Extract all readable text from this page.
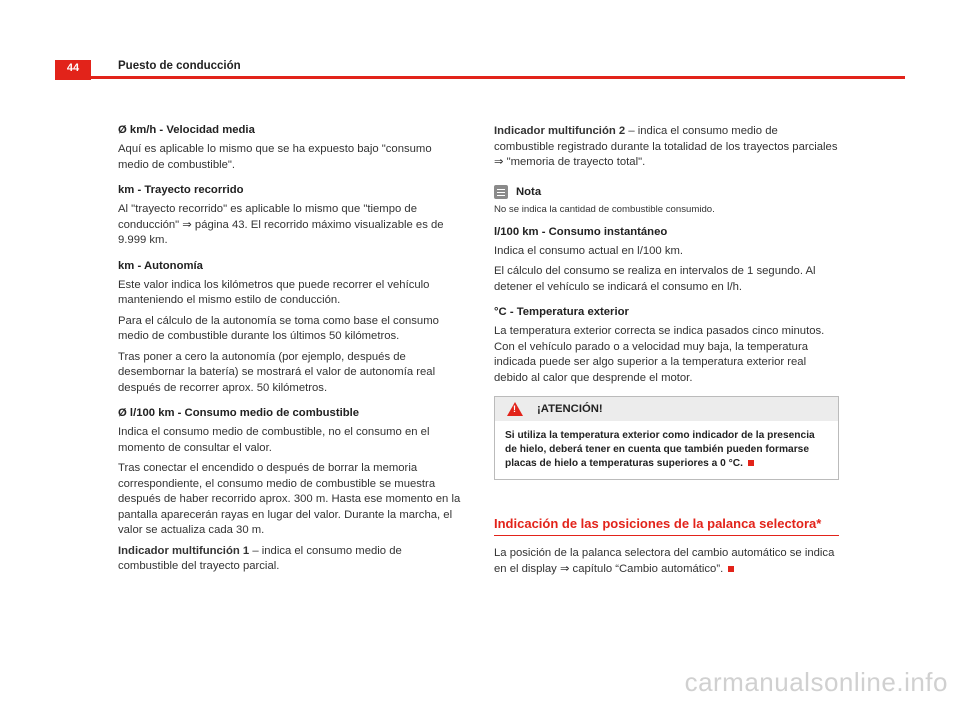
44	Puesto de conducción
Ø km/h - Velocidad media

Aquí es aplicable lo mismo que se ha expuesto bajo "consumo medio de combustible".

km - Trayecto recorrido

Al "trayecto recorrido" es aplicable lo mismo que "tiempo de conducción" ⇒ página 43. El recorrido máximo visualizable es de 9.999 km.

km - Autonomía

Este valor indica los kilómetros que puede recorrer el vehículo manteniendo el mismo estilo de conducción.

Para el cálculo de la autonomía se toma como base el consumo medio de combustible durante los últimos 50 kilómetros.

Tras poner a cero la autonomía (por ejemplo, después de desembornar la batería) se mostrará el valor de autonomía real después de recorrer aprox. 50 kilómetros.

Ø l/100 km - Consumo medio de combustible

Indica el consumo medio de combustible, no el consumo en el momento de consultar el valor.

Tras conectar el encendido o después de borrar la memoria correspondiente, el consumo medio de combustible se muestra después de haber recorrido aprox. 300 m. Hasta ese momento en la pantalla aparecerán rayas en lugar del valor. Durante la marcha, el valor se actualiza cada 30 m.

Indicador multifunción 1 – indica el consumo medio de combustible del trayecto parcial.

Indicador multifunción 2 – indica el consumo medio de combustible registrado durante la totalidad de los trayectos parciales ⇒ "memoria de trayecto total".

Nota

No se indica la cantidad de combustible consumido.

l/100 km - Consumo instantáneo

Indica el consumo actual en l/100 km.

El cálculo del consumo se realiza en intervalos de 1 segundo. Al detener el vehículo se indicará el consumo en l/h.

°C - Temperatura exterior

La temperatura exterior correcta se indica pasados cinco minutos. Con el vehículo parado o a velocidad muy baja, la temperatura indicada puede ser algo superior a la temperatura exterior real debido al calor que desprende el motor.

!
¡ATENCIÓN!
Si utiliza la temperatura exterior como indicador de la presencia de hielo, deberá tener en cuenta que también pueden formarse placas de hielo a temperaturas superiores a 0 °C.
Indicación de las posiciones de la palanca selectora*

La posición de la palanca selectora del cambio automático se indica en el display ⇒ capítulo “Cambio automático”.

carmanualsonline.info
